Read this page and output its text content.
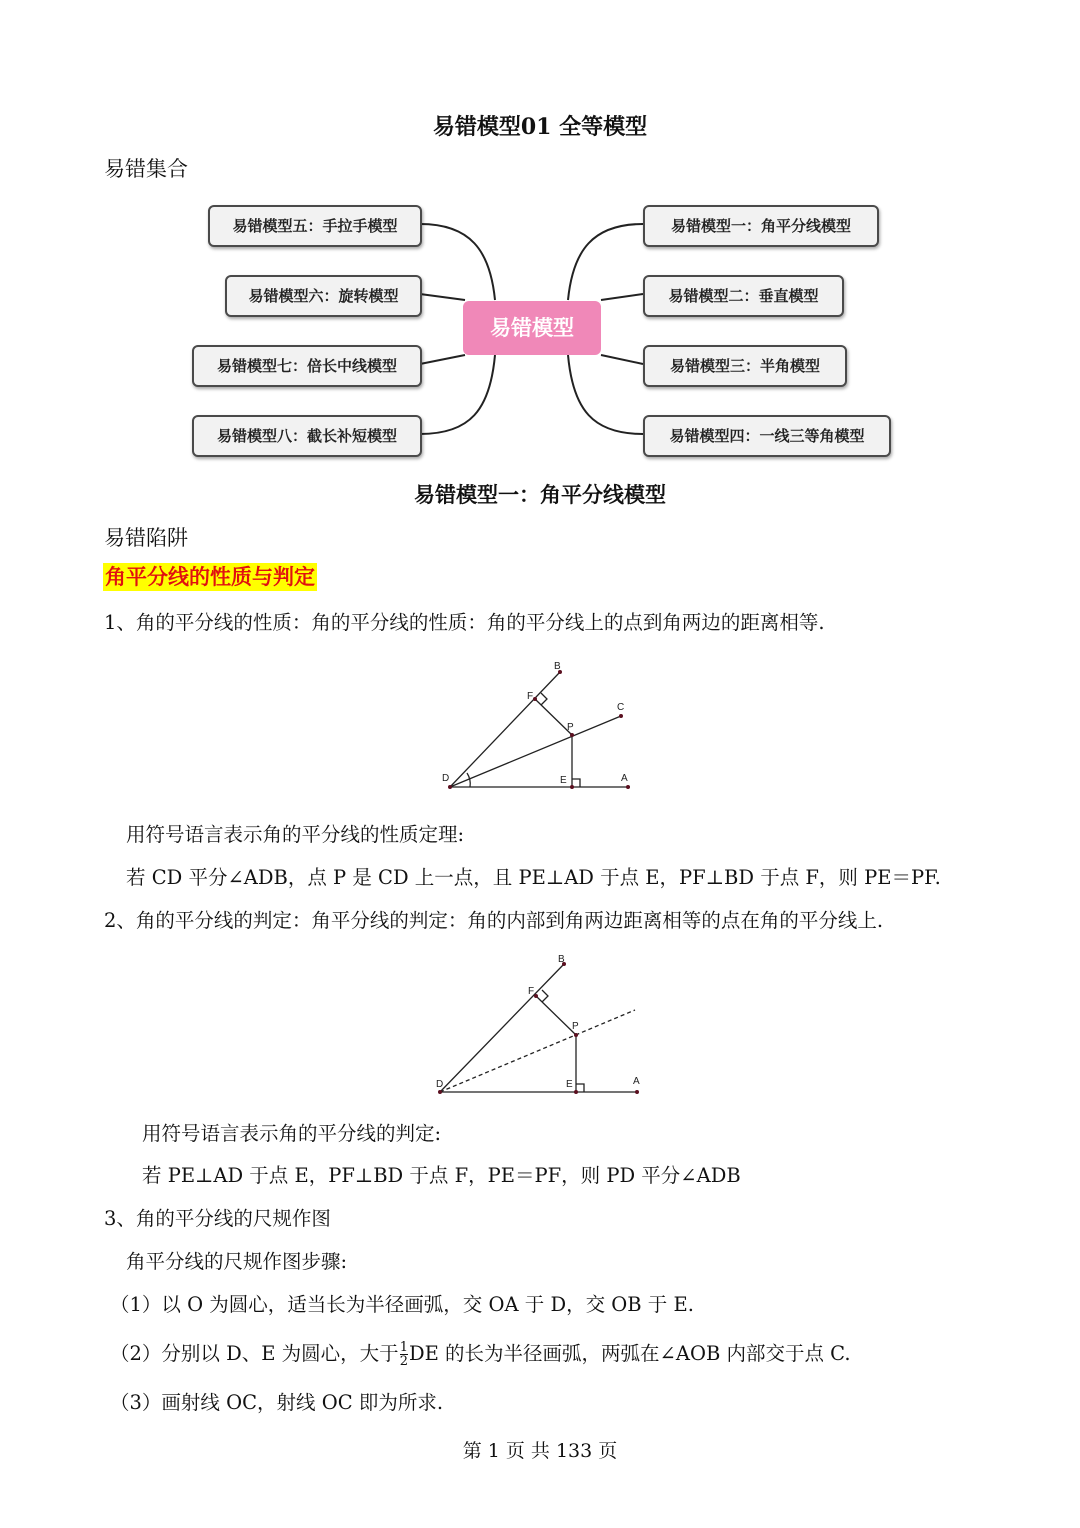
易错模型01 全等模型
易错集合
易错模型
易错模型五：手拉手模型
易错模型六：旋转模型
易错模型七：倍长中线模型
易错模型八：截长补短模型
易错模型一：角平分线模型
易错模型二：垂直模型
易错模型三：半角模型
易错模型四：一线三等角模型
易错模型一：角平分线模型
易错陷阱
角平分线的性质与判定
1、角的平分线的性质：角的平分线的性质：角的平分线上的点到角两边的距离相等.
B
F
C
P
D	E	A
用符号语言表示角的平分线的性质定理:
若 CD 平分∠ADB，点 P 是 CD 上一点，且 PE⊥AD 于点 E，PF⊥BD 于点 F，则 PE＝PF.
2、角的平分线的判定：角平分线的判定：角的内部到角两边距离相等的点在角的平分线上.
B
F
P
D	E	A
用符号语言表示角的平分线的判定:
若 PE⊥AD 于点 E，PF⊥BD 于点 F，PE＝PF，则 PD 平分∠ADB
3、角的平分线的尺规作图
角平分线的尺规作图步骤:
（1）以 O 为圆心，适当长为半径画弧，交 OA 于 D，交 OB 于 E.
（2）分别以 D、E 为圆心，大于 $\frac{1}{2}$ DE 的长为半径画弧，两弧在∠AOB 内部交于点 C.
（3）画射线 OC，射线 OC 即为所求.
第 1 页 共 133 页
